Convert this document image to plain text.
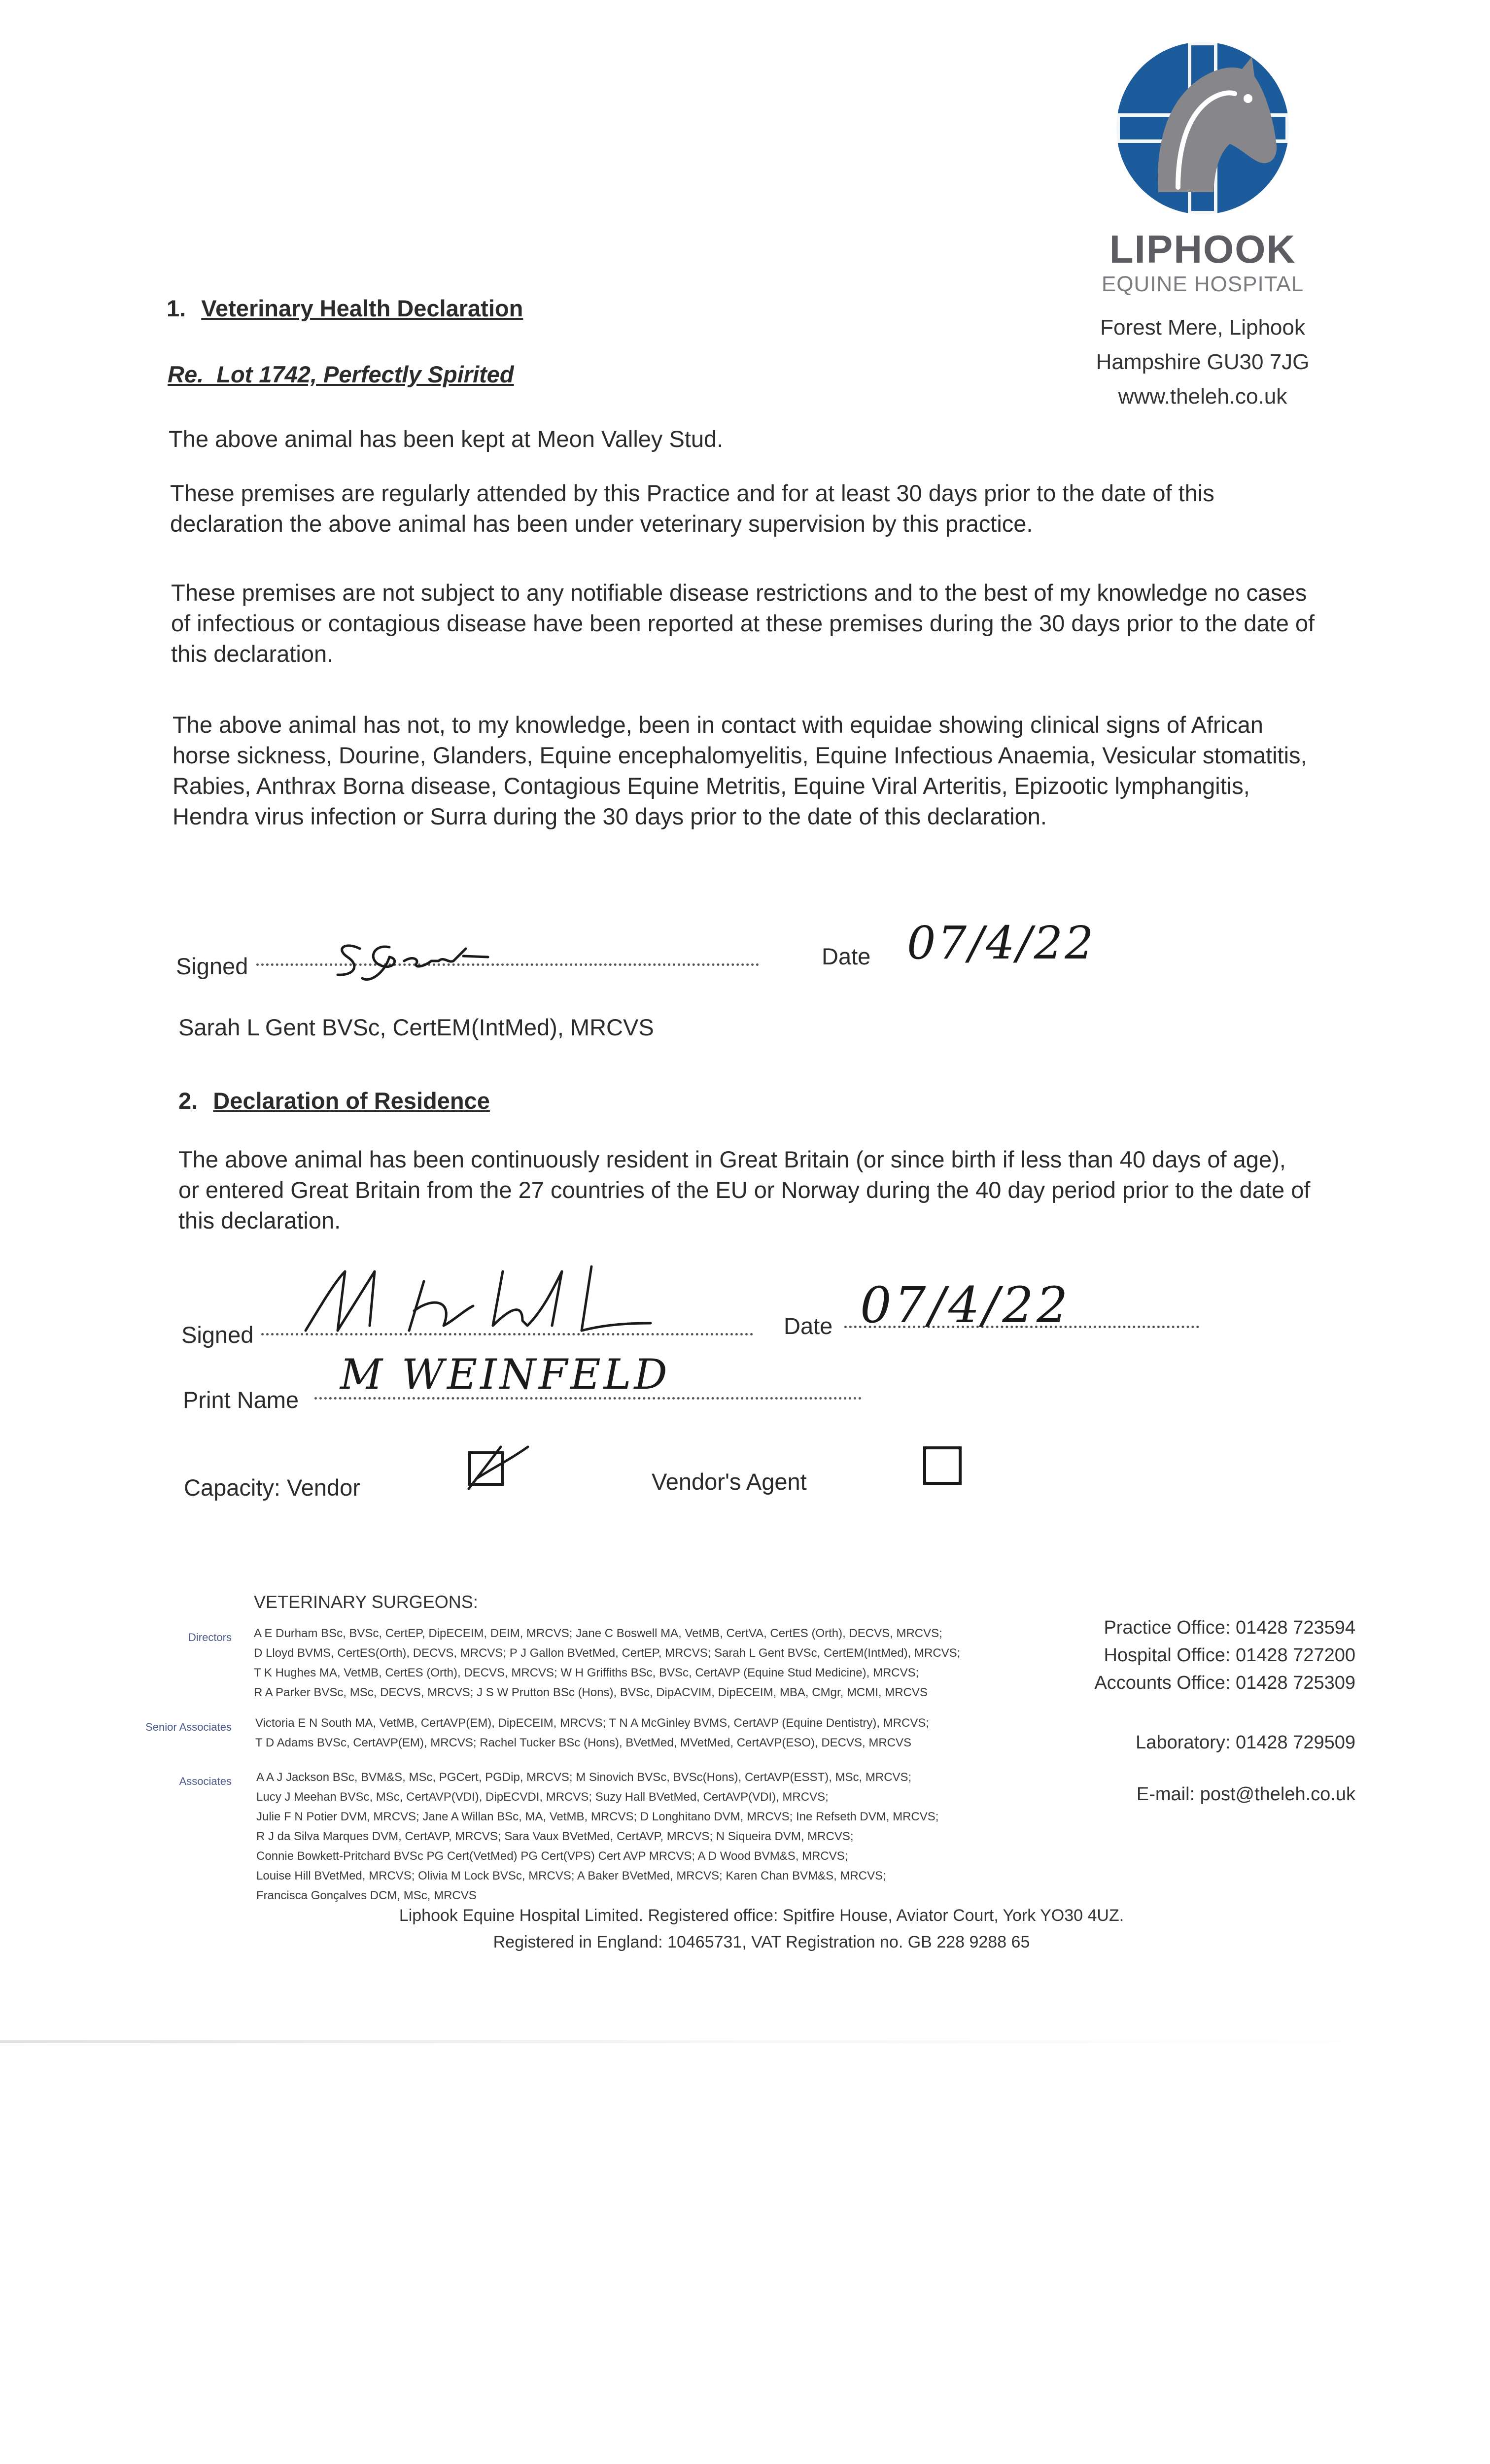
LIPHOOK
EQUINE HOSPITAL
Forest Mere, Liphook
Hampshire GU30 7JG
www.theleh.co.uk
1. Veterinary Health Declaration
Re.  Lot 1742, Perfectly Spirited
The above animal has been kept at Meon Valley Stud.
These premises are regularly attended by this Practice and for at least 30 days prior to the date of this declaration the above animal has been under veterinary supervision by this practice.
These premises are not subject to any notifiable disease restrictions and to the best of my knowledge no cases of infectious or contagious disease have been reported at these premises during the 30 days prior to the date of this declaration.
The above animal has not, to my knowledge, been in contact with equidae showing clinical signs of African horse sickness, Dourine, Glanders, Equine encephalomyelitis, Equine Infectious Anaemia, Vesicular stomatitis, Rabies, Anthrax Borna disease, Contagious Equine Metritis, Equine Viral Arteritis, Epizootic lymphangitis, Hendra virus infection or Surra during the 30 days prior to the date of this declaration.
Signed	Date 07/4/22
Sarah L Gent BVSc, CertEM(IntMed), MRCVS
2. Declaration of Residence
The above animal has been continuously resident in Great Britain (or since birth if less than 40 days of age), or entered Great Britain from the 27 countries of the EU or Norway during the 40 day period prior to the date of this declaration.
Signed	Date 07/4/22
Print Name
M WEINFELD
Capacity: Vendor	Vendor's Agent
VETERINARY SURGEONS:
Directors A E Durham BSc, BVSc, CertEP, DipECEIM, DEIM, MRCVS; Jane C Boswell MA, VetMB, CertVA, CertES (Orth), DECVS, MRCVS;
D Lloyd BVMS, CertES(Orth), DECVS, MRCVS; P J Gallon BVetMed, CertEP, MRCVS; Sarah L Gent BVSc, CertEM(IntMed), MRCVS;
T K Hughes MA, VetMB, CertES (Orth), DECVS, MRCVS; W H Griffiths BSc, BVSc, CertAVP (Equine Stud Medicine), MRCVS;
R A Parker BVSc, MSc, DECVS, MRCVS; J S W Prutton BSc (Hons), BVSc, DipACVIM, DipECEIM, MBA, CMgr, MCMI, MRCVS
Senior Associates Victoria E N South MA, VetMB, CertAVP(EM), DipECEIM, MRCVS; T N A McGinley BVMS, CertAVP (Equine Dentistry), MRCVS;
T D Adams BVSc, CertAVP(EM), MRCVS; Rachel Tucker BSc (Hons), BVetMed, MVetMed, CertAVP(ESO), DECVS, MRCVS
Associates A A J Jackson BSc, BVM&S, MSc, PGCert, PGDip, MRCVS; M Sinovich BVSc, BVSc(Hons), CertAVP(ESST), MSc, MRCVS;
Lucy J Meehan BVSc, MSc, CertAVP(VDI), DipECVDI, MRCVS; Suzy Hall BVetMed, CertAVP(VDI), MRCVS;
Julie F N Potier DVM, MRCVS; Jane A Willan BSc, MA, VetMB, MRCVS; D Longhitano DVM, MRCVS; Ine Refseth DVM, MRCVS;
R J da Silva Marques DVM, CertAVP, MRCVS; Sara Vaux BVetMed, CertAVP, MRCVS; N Siqueira DVM, MRCVS;
Connie Bowkett-Pritchard BVSc PG Cert(VetMed) PG Cert(VPS) Cert AVP MRCVS; A D Wood BVM&S, MRCVS;
Louise Hill BVetMed, MRCVS; Olivia M Lock BVSc, MRCVS; A Baker BVetMed, MRCVS; Karen Chan BVM&S, MRCVS;
Francisca Gonçalves DCM, MSc, MRCVS
Practice Office: 01428 723594
Hospital Office: 01428 727200
Accounts Office: 01428 725309
Laboratory: 01428 729509
E-mail: post@theleh.co.uk
Liphook Equine Hospital Limited. Registered office: Spitfire House, Aviator Court, York YO30 4UZ.
Registered in England: 10465731, VAT Registration no. GB 228 9288 65
